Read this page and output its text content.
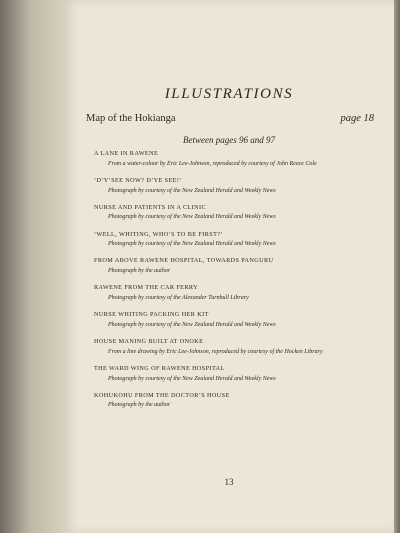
ILLUSTRATIONS
Map of the Hokianga	page 18
Between pages 96 and 97
A LANE IN RAWENE
From a water-colour by Eric Lee-Johnson, reproduced by courtesy of John Reece Cole
‘D’Y’SEE NOW? D’YE SEE!’
Photograph by courtesy of the New Zealand Herald and Weekly News
NURSE AND PATIENTS IN A CLINIC
Photograph by courtesy of the New Zealand Herald and Weekly News
‘WELL, WHITING, WHO’S TO BE FIRST?’
Photograph by courtesy of the New Zealand Herald and Weekly News
FROM ABOVE RAWENE HOSPITAL, TOWARDS PANGURU
Photograph by the author
RAWENE FROM THE CAR FERRY
Photograph by courtesy of the Alexander Turnbull Library
NURSE WHITING PACKING HER KIT
Photograph by courtesy of the New Zealand Herald and Weekly News
HOUSE MANING BUILT AT ONOKE
From a line drawing by Eric Lee-Johnson, reproduced by courtesy of the Hocken Library
THE WARD WING OF RAWENE HOSPITAL
Photograph by courtesy of the New Zealand Herald and Weekly News
KOHUKOHU FROM THE DOCTOR’S HOUSE
Photograph by the author
13
